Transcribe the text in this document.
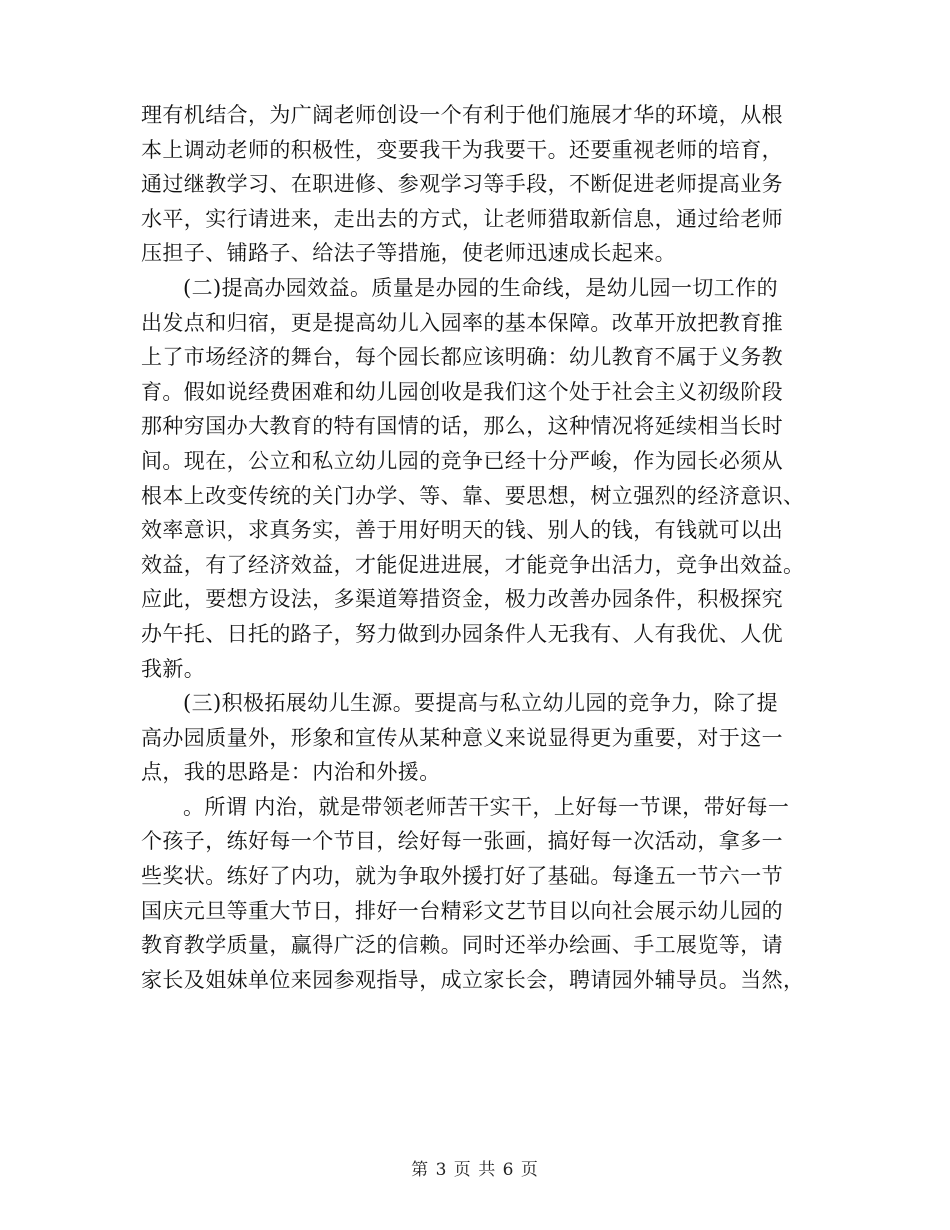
理有机结合，为广阔老师创设一个有利于他们施展才华的环境，从根
本上调动老师的积极性，变要我干为我要干。还要重视老师的培育，
通过继教学习、在职进修、参观学习等手段，不断促进老师提高业务
水平，实行请进来，走出去的方式，让老师猎取新信息，通过给老师
压担子、铺路子、给法子等措施，使老师迅速成长起来。
(二)提高办园效益。质量是办园的生命线，是幼儿园一切工作的
出发点和归宿，更是提高幼儿入园率的基本保障。改革开放把教育推
上了市场经济的舞台，每个园长都应该明确：幼儿教育不属于义务教
育。假如说经费困难和幼儿园创收是我们这个处于社会主义初级阶段
那种穷国办大教育的特有国情的话，那么，这种情况将延续相当长时
间。现在，公立和私立幼儿园的竞争已经十分严峻，作为园长必须从
根本上改变传统的关门办学、等、靠、要思想，树立强烈的经济意识、
效率意识，求真务实，善于用好明天的钱、别人的钱，有钱就可以出
效益，有了经济效益，才能促进进展，才能竞争出活力，竞争出效益。
应此，要想方设法，多渠道筹措资金，极力改善办园条件，积极探究
办午托、日托的路子，努力做到办园条件人无我有、人有我优、人优
我新。
(三)积极拓展幼儿生源。要提高与私立幼儿园的竞争力，除了提
高办园质量外，形象和宣传从某种意义来说显得更为重要，对于这一
点，我的思路是：内治和外援。
。所谓 内治，就是带领老师苦干实干，上好每一节课，带好每一
个孩子，练好每一个节目，绘好每一张画，搞好每一次活动，拿多一
些奖状。练好了内功，就为争取外援打好了基础。每逢五一节六一节
国庆元旦等重大节日，排好一台精彩文艺节目以向社会展示幼儿园的
教育教学质量，赢得广泛的信赖。同时还举办绘画、手工展览等，请
家长及姐妹单位来园参观指导，成立家长会，聘请园外辅导员。当然，
第 3 页 共 6 页
